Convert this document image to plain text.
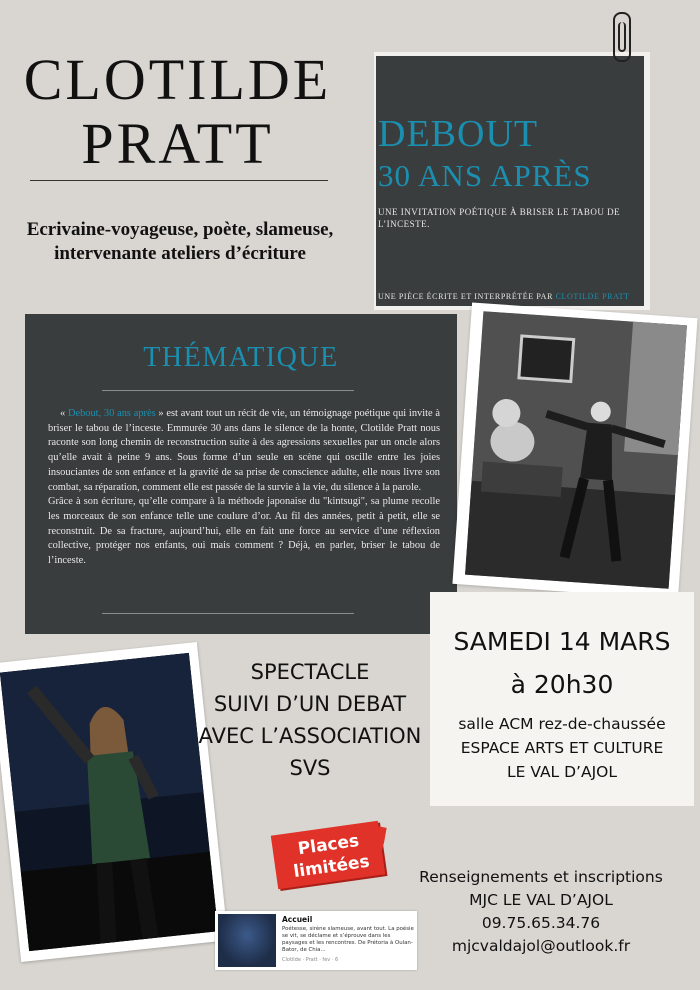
CLOTILDE
PRATT
Ecrivaine-voyageuse, poète, slameuse, intervenante ateliers d’écriture
DEBOUT
30 ANS APRÈS
UNE INVITATION POÉTIQUE À BRISER LE TABOU DE L’INCESTE.
UNE PIÈCE ÉCRITE ET INTERPRÉTÉE PAR CLOTILDE PRATT
THÉMATIQUE

« Debout, 30 ans après » est avant tout un récit de vie, un témoignage poétique qui invite à briser le tabou de l’inceste. Emmurée 30 ans dans le silence de la honte, Clotilde Pratt nous raconte son long chemin de reconstruction suite à des agressions sexuelles par un oncle alors qu’elle avait à peine 9 ans. Sous forme d’un seule en scène qui oscille entre les joies insouciantes de son enfance et la gravité de sa prise de conscience adulte, elle nous livre son combat, sa réparation, comment elle est passée de la survie à la vie, du silence à la parole.

Grâce à son écriture, qu’elle compare à la méthode japonaise du "kintsugi", sa plume recolle les morceaux de son enfance telle une coulure d’or. Au fil des années, petit à petit, elle se reconstruit. De sa fracture, aujourd’hui, elle en fait une force au service d’une réflexion collective, protéger nos enfants, oui mais comment ? Déjà, en parler, briser le tabou de l’inceste.

SPECTACLE
SUIVI D’UN DEBAT
AVEC L’ASSOCIATION
SVS
SAMEDI 14 MARS
à 20h30
salle ACM rez-de-chaussée
ESPACE ARTS ET CULTURE
LE VAL D’AJOL
Places
limitées
! Renseignements et inscriptions
MJC LE VAL D’AJOL
09.75.65.34.76
mjcvaldajol@outlook.fr
Accueil
Poétesse, sirène slameuse, avant tout. La poésie se vit, se déclame et s’éprouve dans les paysages et les rencontres. De Prétoria à Oulan-Bator, de Chia...
Clotilde · Pratt · fev · 6
